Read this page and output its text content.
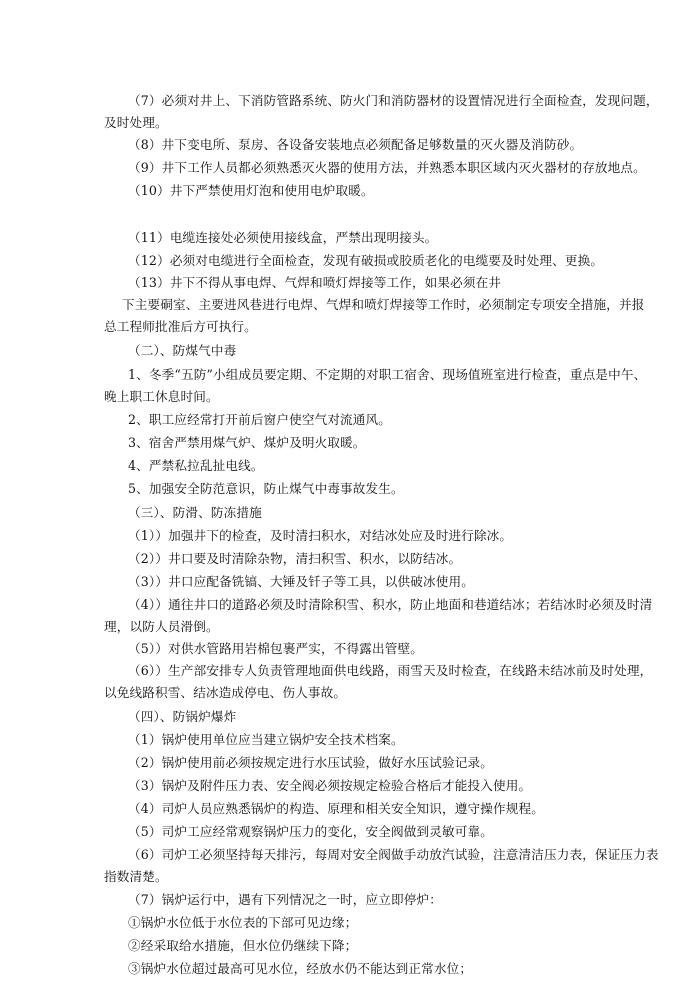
（7）必须对井上、下消防管路系统、防火门和消防器材的设置情况进行全面检查，发现问题，
及时处理。
（8）井下变电所、泵房、各设备安装地点必须配备足够数量的灭火器及消防砂。
（9）井下工作人员都必须熟悉灭火器的使用方法，并熟悉本职区域内灭火器材的存放地点。
（10）井下严禁使用灯泡和使用电炉取暖。
（11）电缆连接处必须使用接线盒，严禁出现明接头。
（12）必须对电缆进行全面检查，发现有破损或胶质老化的电缆要及时处理、更换。
（13）井下不得从事电焊、气焊和喷灯焊接等工作，如果必须在井
下主要硐室、主要进风巷进行电焊、气焊和喷灯焊接等工作时，必须制定专项安全措施，并报
总工程师批准后方可执行。
（二）、防煤气中毒
1、冬季“五防”小组成员要定期、不定期的对职工宿舍、现场值班室进行检查，重点是中午、
晚上职工休息时间。
2、职工应经常打开前后窗户使空气对流通风。
3、宿舍严禁用煤气炉、煤炉及明火取暖。
4、严禁私拉乱扯电线。
5、加强安全防范意识，防止煤气中毒事故发生。
（三）、防滑、防冻措施
（1））加强井下的检查，及时清扫积水，对结冰处应及时进行除冰。
（2））井口要及时清除杂物，清扫积雪、积水，以防结冰。
（3））井口应配备铣镐、大锤及钎子等工具，以供破冰使用。
（4））通往井口的道路必须及时清除积雪、积水，防止地面和巷道结冰；若结冰时必须及时清
理，以防人员滑倒。
（5））对供水管路用岩棉包裹严实，不得露出管壁。
（6））生产部安排专人负责管理地面供电线路，雨雪天及时检查，在线路未结冰前及时处理，
以免线路积雪、结冰造成停电、伤人事故。
（四）、防锅炉爆炸
（1）锅炉使用单位应当建立锅炉安全技术档案。
（2）锅炉使用前必须按规定进行水压试验，做好水压试验记录。
（3）锅炉及附件压力表、安全阀必须按规定检验合格后才能投入使用。
（4）司炉人员应熟悉锅炉的构造、原理和相关安全知识，遵守操作规程。
（5）司炉工应经常观察锅炉压力的变化，安全阀做到灵敏可靠。
（6）司炉工必须坚持每天排污，每周对安全阀做手动放汽试验，注意清洁压力表，保证压力表
指数清楚。
（7）锅炉运行中，遇有下列情况之一时，应立即停炉：
①锅炉水位低于水位表的下部可见边缘；
②经采取给水措施，但水位仍继续下降；
③锅炉水位超过最高可见水位，经放水仍不能达到正常水位；
